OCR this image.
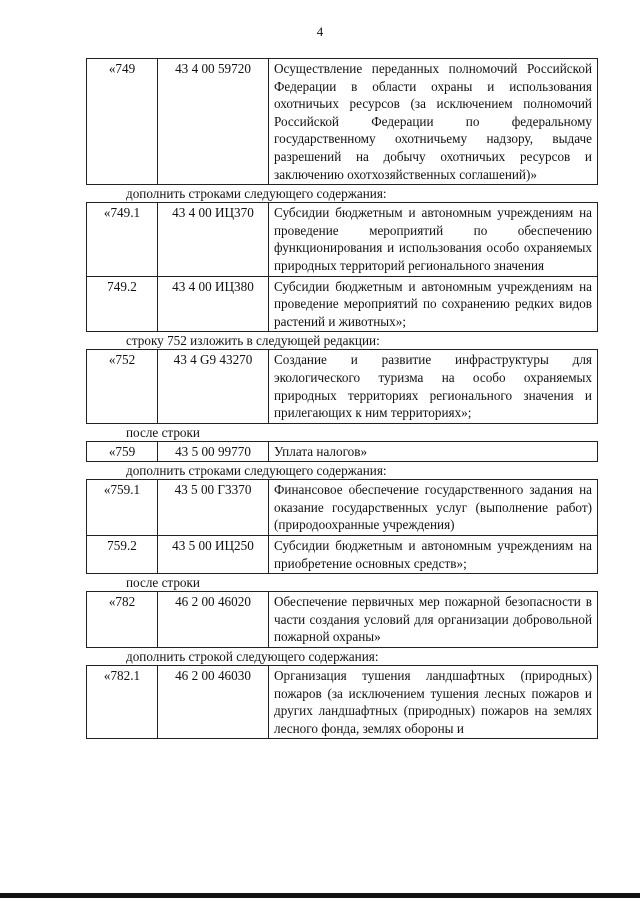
4
«749	43 4 00 59720	Осуществление переданных полномочий Российской Федерации в области охраны и использования охотничьих ресурсов (за исключением полномочий Российской Федерации по федеральному государственному охотничьему надзору, выдаче разрешений на добычу охотничьих ресурсов и заключению охотхозяйственных соглашений)»
дополнить строками следующего содержания:
«749.1	43 4 00 ИЦ370	Субсидии бюджетным и автономным учреждениям на проведение мероприятий по обеспечению функционирования и использования особо охраняемых природных территорий регионального значения
749.2	43 4 00 ИЦ380	Субсидии бюджетным и автономным учреждениям на проведение мероприятий по сохранению редких видов растений и животных»;
строку 752 изложить в следующей редакции:
«752	43 4 G9 43270	Создание и развитие инфраструктуры для экологического туризма на особо охраняемых природных территориях регионального значения и прилегающих к ним территориях»;
после строки
«759	43 5 00 99770	Уплата налогов»
дополнить строками следующего содержания:
«759.1	43 5 00 Г3370	Финансовое обеспечение государственного задания на оказание государственных услуг (выполнение работ) (природоохранные учреждения)
759.2	43 5 00 ИЦ250	Субсидии бюджетным и автономным учреждениям на приобретение основных средств»;
после строки
«782	46 2 00 46020	Обеспечение первичных мер пожарной безопасности в части создания условий для организации добровольной пожарной охраны»
дополнить строкой следующего содержания:
«782.1	46 2 00 46030	Организация тушения ландшафтных (природных) пожаров (за исключением тушения лесных пожаров и других ландшафтных (природных) пожаров на землях лесного фонда, землях обороны и
